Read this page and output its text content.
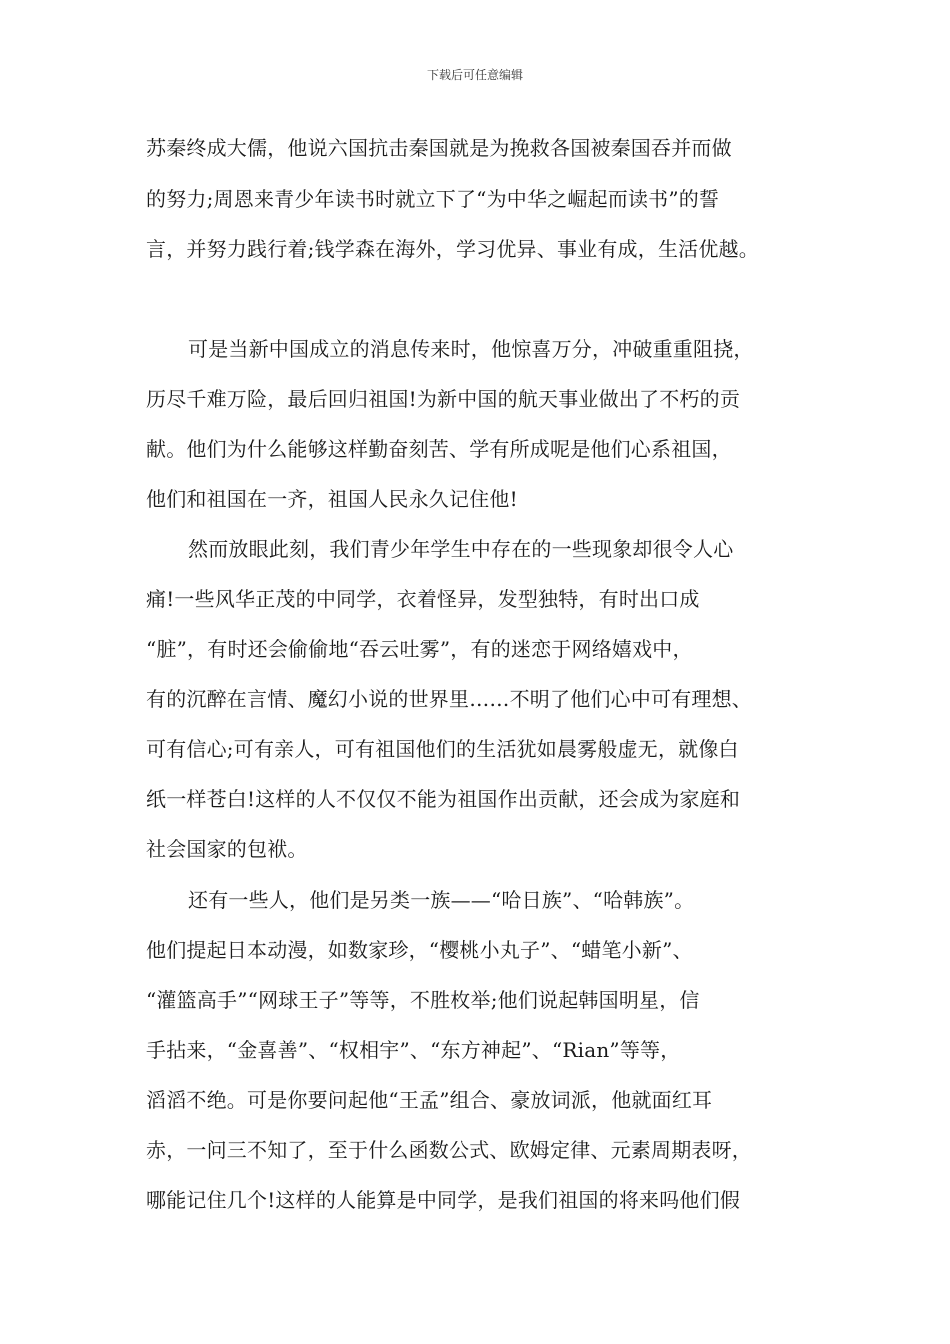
下载后可任意编辑
苏秦终成大儒，他说六国抗击秦国就是为挽救各国被秦国吞并而做
的努力;周恩来青少年读书时就立下了“为中华之崛起而读书”的誓
言，并努力践行着;钱学森在海外，学习优异、事业有成，生活优越。
可是当新中国成立的消息传来时，他惊喜万分，冲破重重阻挠，
历尽千难万险，最后回归祖国!为新中国的航天事业做出了不朽的贡
献。他们为什么能够这样勤奋刻苦、学有所成呢是他们心系祖国，
他们和祖国在一齐，祖国人民永久记住他!
然而放眼此刻，我们青少年学生中存在的一些现象却很令人心
痛!一些风华正茂的中同学，衣着怪异，发型独特，有时出口成
“脏”，有时还会偷偷地“吞云吐雾”，有的迷恋于网络嬉戏中，
有的沉醉在言情、魔幻小说的世界里……不明了他们心中可有理想、
可有信心;可有亲人，可有祖国他们的生活犹如晨雾般虚无，就像白
纸一样苍白!这样的人不仅仅不能为祖国作出贡献，还会成为家庭和
社会国家的包袱。
还有一些人，他们是另类一族——“哈日族”、“哈韩族”。
他们提起日本动漫，如数家珍，“樱桃小丸子”、“蜡笔小新”、
“灌篮高手”“网球王子”等等，不胜枚举;他们说起韩国明星，信
手拈来，“金喜善”、“权相宇”、“东方神起”、“Rian”等等，
滔滔不绝。可是你要问起他“王孟”组合、豪放词派，他就面红耳
赤，一问三不知了，至于什么函数公式、欧姆定律、元素周期表呀，
哪能记住几个!这样的人能算是中同学，是我们祖国的将来吗他们假
